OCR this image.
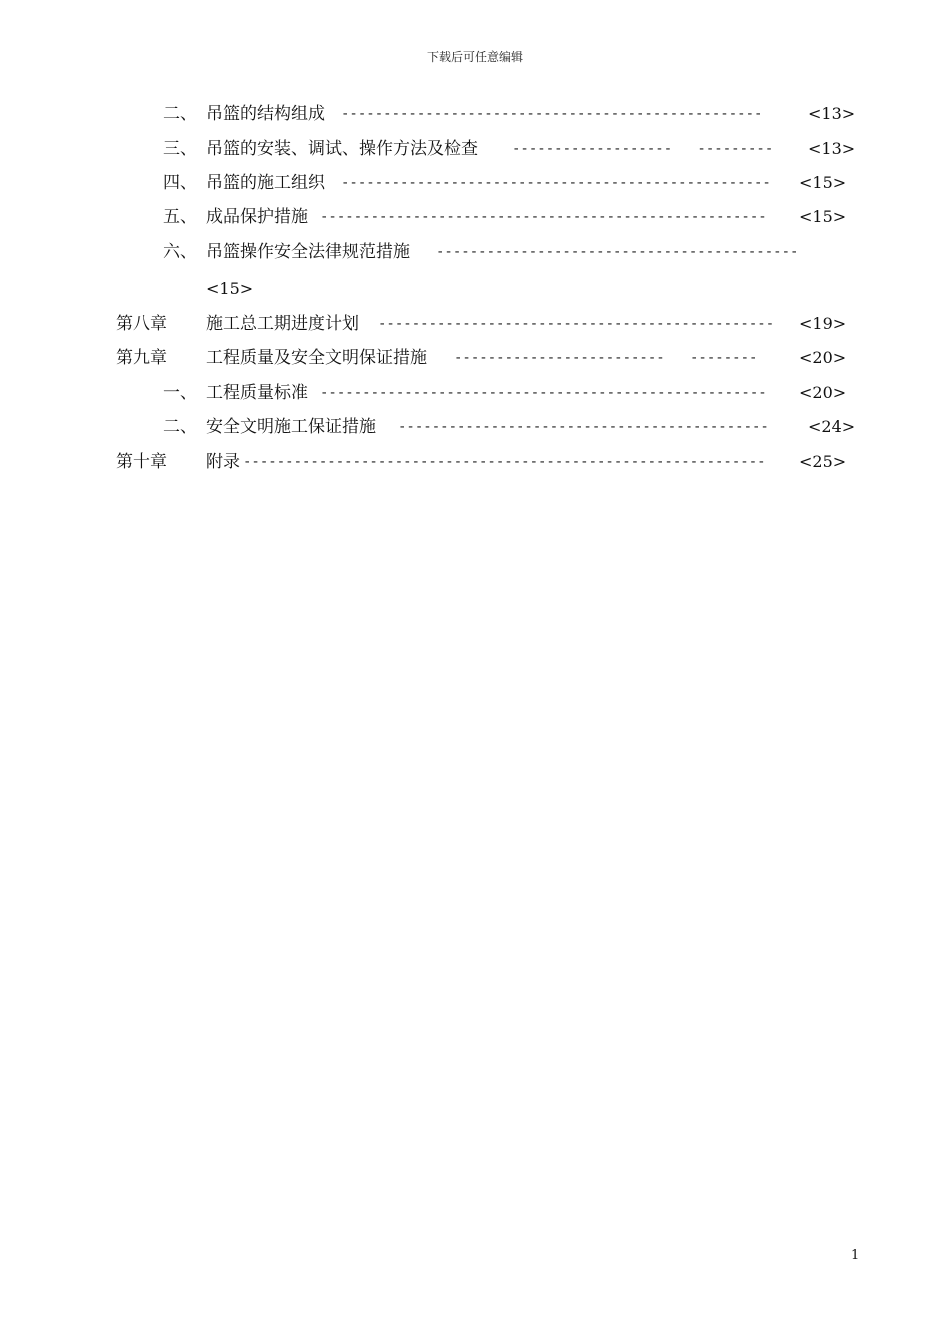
下载后可任意编辑
二、 吊篮的结构组成 --------------------------------------------------	<13>
三、 吊篮的安装、调试、操作方法及检查 -------------------   ---------	<13>
四、 吊篮的施工组织 ---------------------------------------------------	<15>
五、 成品保护措施 -----------------------------------------------------	<15>
六、 吊篮操作安全法律规范措施 -------------------------------------------
<15>
第八章 施工总工期进度计划 -----------------------------------------------	<19>
第九章 工程质量及安全文明保证措施 -------------------------   --------	<20>
一、 工程质量标准 -----------------------------------------------------	<20>
二、 安全文明施工保证措施 --------------------------------------------	<24>
第十章 附录 --------------------------------------------------------------	<25>
1
